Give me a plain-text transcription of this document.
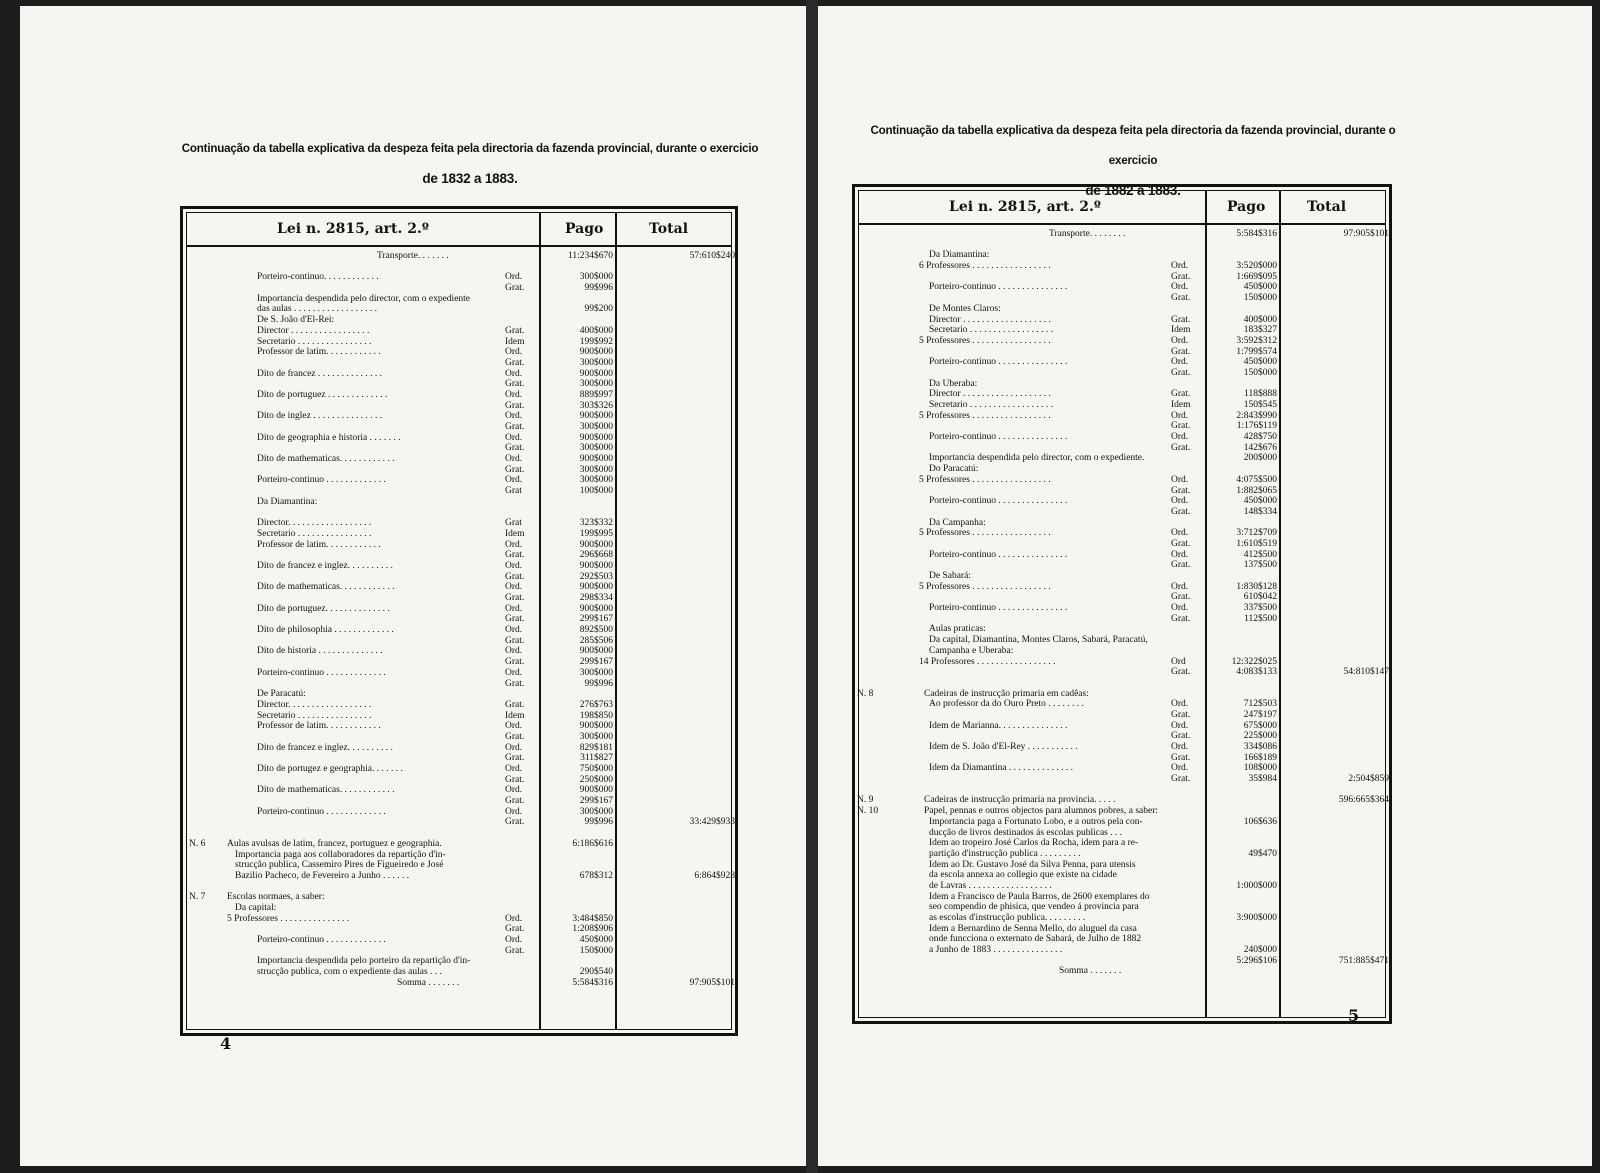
Continuação da tabella explicativa da despeza feita pela directoria da fazenda provincial, durante o exercicio
de 1832 a 1883.
Lei n. 2815, art. 2.º	Pago	Total
Transporte. . . . . . .	11:234$670	57:610$240
Porteiro-continuo. . . . . . . . . . . .	Ord.	300$000
Grat.	99$996
Importancia despendida pelo director, com o expediente
das aulas . . . . . . . . . . . . . . . . . .	99$200
De S. João d'El-Rei:
Director . . . . . . . . . . . . . . . . .	Grat.	400$000
Secretario . . . . . . . . . . . . . . . .	Idem	199$992
Professor de latim. . . . . . . . . . . .	Ord.	900$000
Grat.	300$000
Dito de francez . . . . . . . . . . . . . .	Ord.	900$000
Grat.	300$000
Dito de portuguez . . . . . . . . . . . . .	Ord.	889$997
Grat.	303$326
Dito de inglez . . . . . . . . . . . . . . .	Ord.	900$000
Grat.	300$000
Dito de geographia e historia . . . . . . .	Ord.	900$000
Grat.	300$000
Dito de mathematicas. . . . . . . . . . . .	Ord.	900$000
Grat.	300$000
Porteiro-continuo . . . . . . . . . . . . .	Ord.	300$000
Grat	100$000
Da Diamantina:
Director. . . . . . . . . . . . . . . . . .	Grat	323$332
Secretario . . . . . . . . . . . . . . . .	Idem	199$995
Professor de latim. . . . . . . . . . . .	Ord.	900$000
Grat.	296$668
Dito de francez e inglez. . . . . . . . . .	Ord.	900$000
Grat.	292$503
Dito de mathematicas. . . . . . . . . . . .	Ord.	900$000
Grat.	298$334
Dito de portuguez. . . . . . . . . . . . . .	Ord.	900$000
Grat.	299$167
Dito de philosophia . . . . . . . . . . . . .	Ord.	892$500
Grat.	285$506
Dito de historia . . . . . . . . . . . . . .	Ord.	900$000
Grat.	299$167
Porteiro-continuo . . . . . . . . . . . . .	Ord.	300$000
Grat.	99$996
De Paracatú:
Director. . . . . . . . . . . . . . . . . .	Grat.	276$763
Secretario . . . . . . . . . . . . . . . .	Idem	198$850
Professor de latim. . . . . . . . . . . .	Ord.	900$000
Grat.	300$000
Dito de francez e inglez. . . . . . . . . .	Ord.	829$181
Grat.	311$827
Dito de portugez e geographia. . . . . . .	Ord.	750$000
Grat.	250$000
Dito de mathematicas. . . . . . . . . . . .	Ord.	900$000
Grat.	299$167
Porteiro-continuo . . . . . . . . . . . . .	Ord.	300$000
Grat.	99$996	33:429$933
N. 6 Aulas avulsas de latim, francez, portuguez e geographia.	6:186$616
Importancia paga aos collaboradores da repartição d'in-
strucção publica, Cassemiro Pires de Figueiredo e José
Bazilio Pacheco, de Fevereiro a Junho . . . . . .	678$312	6:864$928
N. 7 Escolas normaes, a saber:
Da capital:
5 Professores . . . . . . . . . . . . . . .	Ord.	3:484$850
Grat.	1:208$906
Porteiro-continuo . . . . . . . . . . . . .	Ord.	450$000
Grat.	150$000
Importancia despendida pelo porteiro da repartição d'in-
strucção publica, com o expediente das aulas . . .	290$540
Somma . . . . . . .	5:584$316	97:905$101
4
Continuação da tabella explicativa da despeza feita pela directoria da fazenda provincial, durante o exercicio
de 1882 a 1883.
Lei n. 2815, art. 2.º	Pago	Total
Transporte. . . . . . . .	5:584$316	97:905$101
Da Diamantina:
6 Professores . . . . . . . . . . . . . . . . .	Ord.	3:520$000
Grat.	1:669$095
Porteiro-continuo . . . . . . . . . . . . . . .	Ord.	450$000
Grat.	150$000
De Montes Claros:
Director . . . . . . . . . . . . . . . . . . .	Grat.	400$000
Secretario . . . . . . . . . . . . . . . . . .	Idem	183$327
5 Professores . . . . . . . . . . . . . . . . .	Ord.	3:592$312
Grat.	1:799$574
Porteiro-continuo . . . . . . . . . . . . . . .	Ord.	450$000
Grat.	150$000
Da Uberaba:
Director . . . . . . . . . . . . . . . . . . .	Grat.	118$888
Secretario . . . . . . . . . . . . . . . . . .	Idem	150$545
5 Professores . . . . . . . . . . . . . . . . .	Ord.	2:843$990
Grat.	1:176$119
Porteiro-continuo . . . . . . . . . . . . . . .	Ord.	428$750
Grat.	142$676
Importancia despendida pelo director, com o expediente.	200$000
Do Paracatú:
5 Professores . . . . . . . . . . . . . . . . .	Ord.	4:075$500
Grat.	1:882$065
Porteiro-continuo . . . . . . . . . . . . . . .	Ord.	450$000
Grat.	148$334
Da Campanha:
5 Professores . . . . . . . . . . . . . . . . .	Ord.	3:712$709
Grat.	1:610$519
Porteiro-continuo . . . . . . . . . . . . . . .	Ord.	412$500
Grat.	137$500
De Sabará:
5 Professores . . . . . . . . . . . . . . . . .	Ord.	1:830$128
Grat.	610$042
Porteiro-continuo . . . . . . . . . . . . . . .	Ord.	337$500
Grat.	112$500
Aulas praticas:
Da capital, Diamantina, Montes Claros, Sabará, Paracatú,
Campanha e Uberaba:
14 Professores . . . . . . . . . . . . . . . . .	Ord	12:322$025
Grat.	4:083$133	54:810$147
N. 8	Cadeiras de instrucção primaria em cadêas:
Ao professor da do Ouro Preto . . . . . . . .	Ord.	712$503
Grat.	247$197
Idem de Marianna. . . . . . . . . . . . . . .	Ord.	675$000
Grat.	225$000
Idem de S. João d'El-Rey . . . . . . . . . . .	Ord.	334$086
Grat.	166$189
Idem da Diamantina . . . . . . . . . . . . . .	Ord.	108$000
Grat.	35$984	2:504$859
N. 9	Cadeiras de instrucção primaria na provincia. . . . .	596:665$364
N. 10	Papel, pennas e outros objectos para alumnos pobres, a saber:
Importancia paga a Fortunato Lobo, e a outros pela con-	106$636
ducção de livros destinados ás escolas publicas . . .
Idem ao tropeiro José Carlos da Rocha, idem para a re-
partição d'instrucção publica . . . . . . . . .	49$470
Idem ao Dr. Gustavo José da Silva Penna, para utensis
da escola annexa ao collegio que existe na cidade
de Lavras . . . . . . . . . . . . . . . . . .	1:000$000
Idem a Francisco de Paula Barros, de 2600 exemplares do
seo compendio de phisica, que vendeo á provincia para
as escolas d'instrucção publica. . . . . . . . .	3:900$000
Idem a Bernardino de Senna Mello, do aluguel da casa
onde funcciona o externato de Sabará, de Julho de 1882
a Junho de 1883 . . . . . . . . . . . . . . .	240$000
5:296$106	751:885$471
Somma . . . . . . .
5
